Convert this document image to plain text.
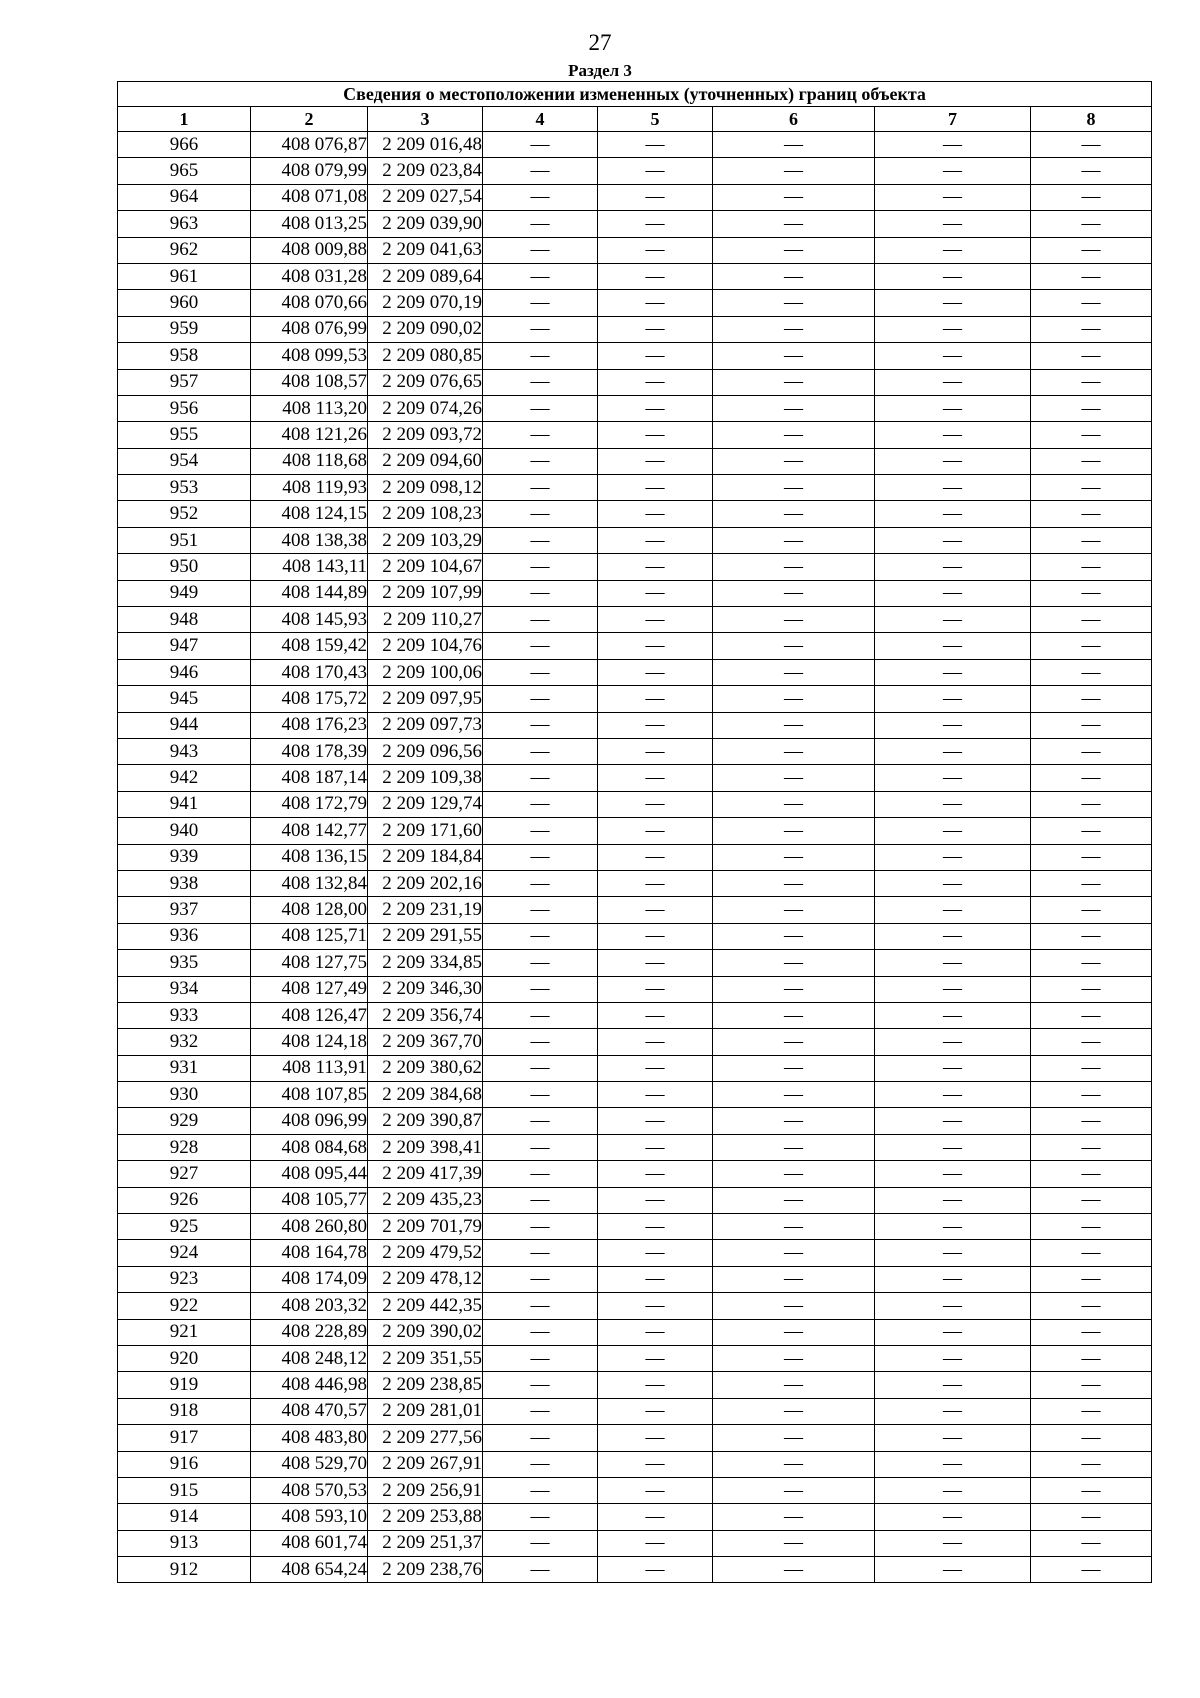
27
Раздел 3
Сведения о местоположении измененных (уточненных) границ объекта							
1	2	3	4	5	6	7	8
966	408 076,87	2 209 016,48	—	—	—	—	—
965	408 079,99	2 209 023,84	—	—	—	—	—
964	408 071,08	2 209 027,54	—	—	—	—	—
963	408 013,25	2 209 039,90	—	—	—	—	—
962	408 009,88	2 209 041,63	—	—	—	—	—
961	408 031,28	2 209 089,64	—	—	—	—	—
960	408 070,66	2 209 070,19	—	—	—	—	—
959	408 076,99	2 209 090,02	—	—	—	—	—
958	408 099,53	2 209 080,85	—	—	—	—	—
957	408 108,57	2 209 076,65	—	—	—	—	—
956	408 113,20	2 209 074,26	—	—	—	—	—
955	408 121,26	2 209 093,72	—	—	—	—	—
954	408 118,68	2 209 094,60	—	—	—	—	—
953	408 119,93	2 209 098,12	—	—	—	—	—
952	408 124,15	2 209 108,23	—	—	—	—	—
951	408 138,38	2 209 103,29	—	—	—	—	—
950	408 143,11	2 209 104,67	—	—	—	—	—
949	408 144,89	2 209 107,99	—	—	—	—	—
948	408 145,93	2 209 110,27	—	—	—	—	—
947	408 159,42	2 209 104,76	—	—	—	—	—
946	408 170,43	2 209 100,06	—	—	—	—	—
945	408 175,72	2 209 097,95	—	—	—	—	—
944	408 176,23	2 209 097,73	—	—	—	—	—
943	408 178,39	2 209 096,56	—	—	—	—	—
942	408 187,14	2 209 109,38	—	—	—	—	—
941	408 172,79	2 209 129,74	—	—	—	—	—
940	408 142,77	2 209 171,60	—	—	—	—	—
939	408 136,15	2 209 184,84	—	—	—	—	—
938	408 132,84	2 209 202,16	—	—	—	—	—
937	408 128,00	2 209 231,19	—	—	—	—	—
936	408 125,71	2 209 291,55	—	—	—	—	—
935	408 127,75	2 209 334,85	—	—	—	—	—
934	408 127,49	2 209 346,30	—	—	—	—	—
933	408 126,47	2 209 356,74	—	—	—	—	—
932	408 124,18	2 209 367,70	—	—	—	—	—
931	408 113,91	2 209 380,62	—	—	—	—	—
930	408 107,85	2 209 384,68	—	—	—	—	—
929	408 096,99	2 209 390,87	—	—	—	—	—
928	408 084,68	2 209 398,41	—	—	—	—	—
927	408 095,44	2 209 417,39	—	—	—	—	—
926	408 105,77	2 209 435,23	—	—	—	—	—
925	408 260,80	2 209 701,79	—	—	—	—	—
924	408 164,78	2 209 479,52	—	—	—	—	—
923	408 174,09	2 209 478,12	—	—	—	—	—
922	408 203,32	2 209 442,35	—	—	—	—	—
921	408 228,89	2 209 390,02	—	—	—	—	—
920	408 248,12	2 209 351,55	—	—	—	—	—
919	408 446,98	2 209 238,85	—	—	—	—	—
918	408 470,57	2 209 281,01	—	—	—	—	—
917	408 483,80	2 209 277,56	—	—	—	—	—
916	408 529,70	2 209 267,91	—	—	—	—	—
915	408 570,53	2 209 256,91	—	—	—	—	—
914	408 593,10	2 209 253,88	—	—	—	—	—
913	408 601,74	2 209 251,37	—	—	—	—	—
912	408 654,24	2 209 238,76	—	—	—	—	—
